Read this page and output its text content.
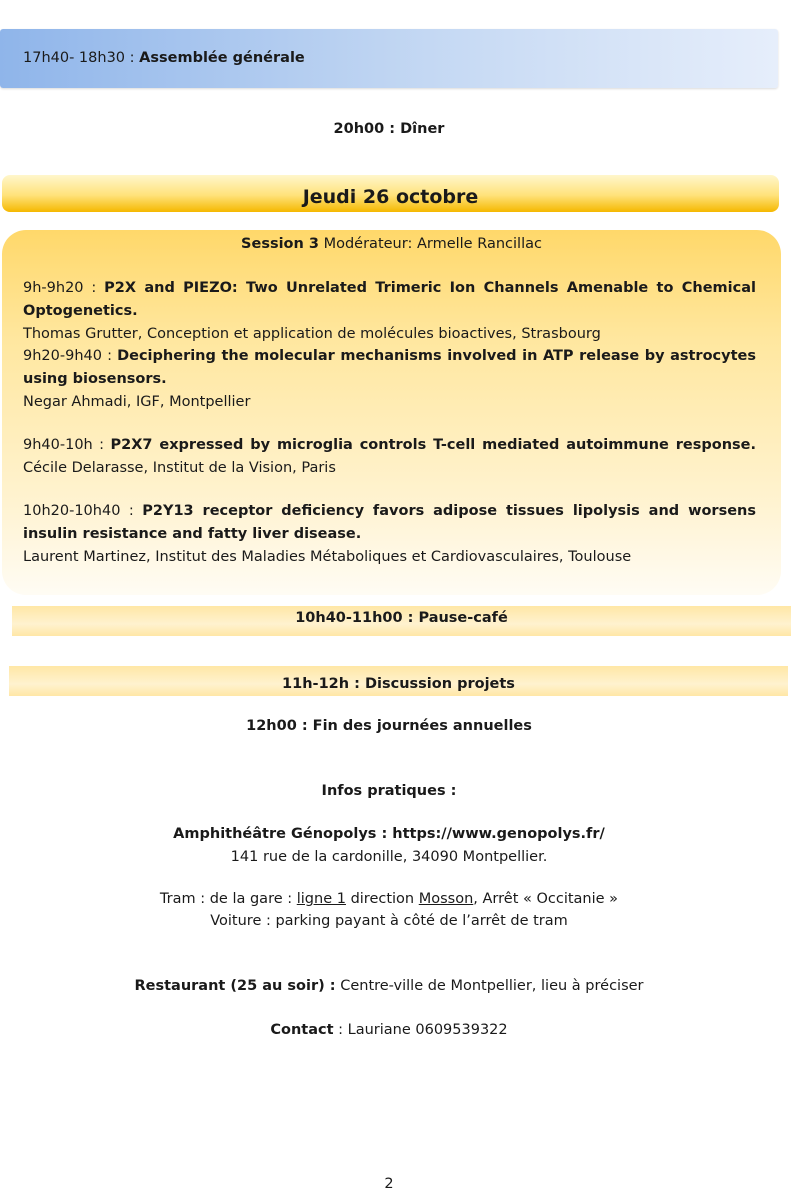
17h40- 18h30 : Assemblée générale
20h00 : Dîner
Jeudi 26 octobre
Session 3 Modérateur: Armelle Rancillac
9h-9h20 : P2X and PIEZO: Two Unrelated Trimeric Ion Channels Amenable to Chemical Optogenetics.
Thomas Grutter, Conception et application de molécules bioactives, Strasbourg
9h20-9h40 : Deciphering the molecular mechanisms involved in ATP release by astrocytes using biosensors.
Negar Ahmadi, IGF, Montpellier
9h40-10h : P2X7 expressed by microglia controls T-cell mediated autoimmune response. Cécile Delarasse, Institut de la Vision, Paris
10h20-10h40 : P2Y13 receptor deficiency favors adipose tissues lipolysis and worsens insulin resistance and fatty liver disease.
Laurent Martinez, Institut des Maladies Métaboliques et Cardiovasculaires, Toulouse
10h40-11h00 : Pause-café
11h-12h : Discussion projets
12h00 : Fin des journées annuelles
Infos pratiques :
Amphithéâtre Génopolys : https://www.genopolys.fr/
141 rue de la cardonille, 34090 Montpellier.
Tram : de la gare : ligne 1 direction Mosson, Arrêt « Occitanie »
Voiture : parking payant à côté de l’arrêt de tram
Restaurant (25 au soir) : Centre-ville de Montpellier, lieu à préciser
Contact : Lauriane 0609539322
2
